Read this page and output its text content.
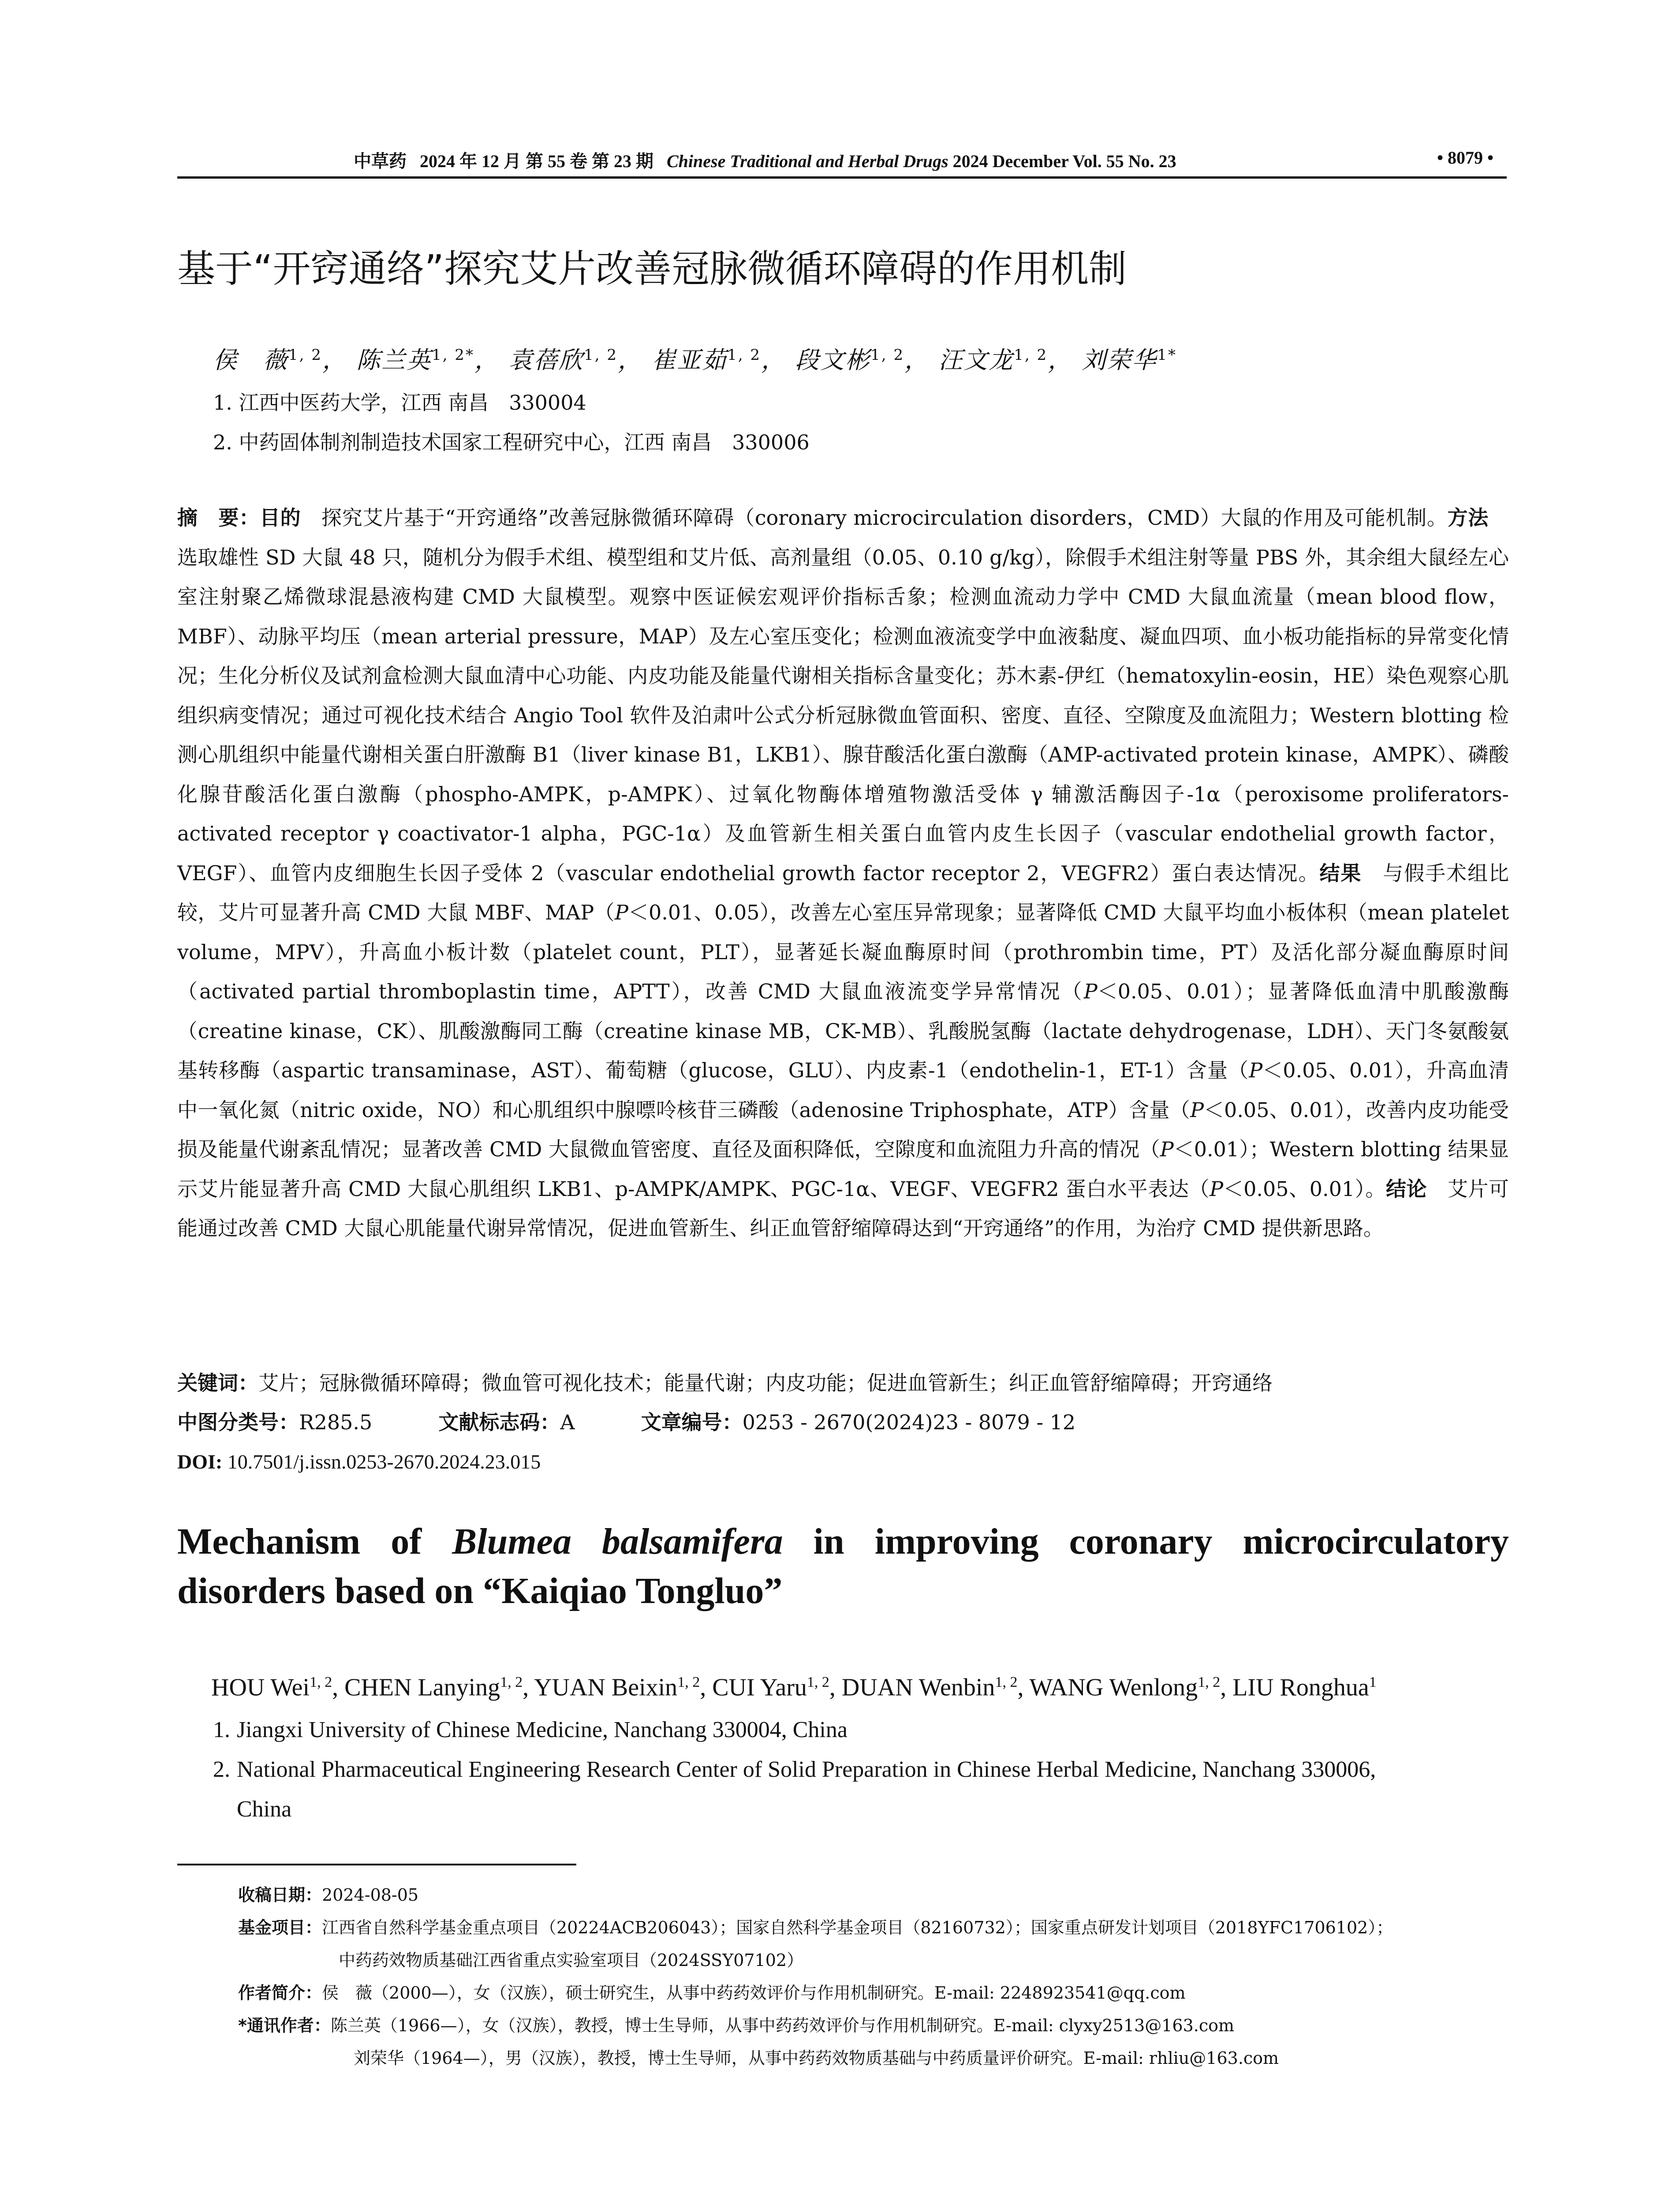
中草药 2024 年 12 月 第 55 卷 第 23 期 Chinese Traditional and Herbal Drugs 2024 December Vol. 55 No. 23	• 8079 •
基于“开窍通络”探究艾片改善冠脉微循环障碍的作用机制
侯　薇$^{1, 2}$， 陈兰英$^{1, 2*}$， 袁蓓欣$^{1, 2}$， 崔亚茹$^{1, 2}$， 段文彬$^{1, 2}$， 汪文龙$^{1, 2}$， 刘荣华$^{1*}$
1. 江西中医药大学，江西 南昌　330004
2. 中药固体制剂制造技术国家工程研究中心，江西 南昌　330006

摘　要：目的　探究艾片基于“开窍通络”改善冠脉微循环障碍（coronary microcirculation disorders，CMD）大鼠的作用及可能机制。方法　选取雄性 SD 大鼠 48 只，随机分为假手术组、模型组和艾片低、高剂量组（0.05、0.10 g/kg），除假手术组注射等量 PBS 外，其余组大鼠经左心室注射聚乙烯微球混悬液构建 CMD 大鼠模型。观察中医证候宏观评价指标舌象；检测血流动力学中 CMD 大鼠血流量（mean blood flow，MBF）、动脉平均压（mean arterial pressure，MAP）及左心室压变化；检测血液流变学中血液黏度、凝血四项、血小板功能指标的异常变化情况；生化分析仪及试剂盒检测大鼠血清中心功能、内皮功能及能量代谢相关指标含量变化；苏木素-伊红（hematoxylin-eosin，HE）染色观察心肌组织病变情况；通过可视化技术结合 Angio Tool 软件及泊肃叶公式分析冠脉微血管面积、密度、直径、空隙度及血流阻力；Western blotting 检测心肌组织中能量代谢相关蛋白肝激酶 B1（liver kinase B1，LKB1）、腺苷酸活化蛋白激酶（AMP-activated protein kinase，AMPK）、磷酸化腺苷酸活化蛋白激酶（phospho-AMPK，p-AMPK）、过氧化物酶体增殖物激活受体 γ 辅激活酶因子-1α（peroxisome proliferators-activated receptor γ coactivator-1 alpha，PGC-1α）及血管新生相关蛋白血管内皮生长因子（vascular endothelial growth factor，VEGF）、血管内皮细胞生长因子受体 2（vascular endothelial growth factor receptor 2，VEGFR2）蛋白表达情况。结果　与假手术组比较，艾片可显著升高 CMD 大鼠 MBF、MAP（P＜0.01、0.05），改善左心室压异常现象；显著降低 CMD 大鼠平均血小板体积（mean platelet volume，MPV），升高血小板计数（platelet count，PLT），显著延长凝血酶原时间（prothrombin time，PT）及活化部分凝血酶原时间（activated partial thromboplastin time，APTT），改善 CMD 大鼠血液流变学异常情况（P＜0.05、0.01）；显著降低血清中肌酸激酶（creatine kinase，CK）、肌酸激酶同工酶（creatine kinase MB，CK-MB）、乳酸脱氢酶（lactate dehydrogenase，LDH）、天门冬氨酸氨基转移酶（aspartic transaminase，AST）、葡萄糖（glucose，GLU）、内皮素-1（endothelin-1，ET-1）含量（P＜0.05、0.01），升高血清中一氧化氮（nitric oxide，NO）和心肌组织中腺嘌呤核苷三磷酸（adenosine Triphosphate，ATP）含量（P＜0.05、0.01），改善内皮功能受损及能量代谢紊乱情况；显著改善 CMD 大鼠微血管密度、直径及面积降低，空隙度和血流阻力升高的情况（P＜0.01）；Western blotting 结果显示艾片能显著升高 CMD 大鼠心肌组织 LKB1、p-AMPK/AMPK、PGC-1α、VEGF、VEGFR2 蛋白水平表达（P＜0.05、0.01）。结论　艾片可能通过改善 CMD 大鼠心肌能量代谢异常情况，促进血管新生、纠正血管舒缩障碍达到“开窍通络”的作用，为治疗 CMD 提供新思路。

关键词：艾片；冠脉微循环障碍；微血管可视化技术；能量代谢；内皮功能；促进血管新生；纠正血管舒缩障碍；开窍通络
中图分类号：R285.5	文献标志码：A	文章编号：0253 - 2670(2024)23 - 8079 - 12
DOI: 10.7501/j.issn.0253-2670.2024.23.015
Mechanism of Blumea balsamifera in improving coronary microcirculatory disorders based on “Kaiqiao Tongluo”
HOU Wei$^{1, 2}$, CHEN Lanying$^{1, 2}$, YUAN Beixin$^{1, 2}$, CUI Yaru$^{1, 2}$, DUAN Wenbin$^{1, 2}$, WANG Wenlong$^{1, 2}$, LIU Ronghua$^1$
1. Jiangxi University of Chinese Medicine, Nanchang 330004, China
2. National Pharmaceutical Engineering Research Center of Solid Preparation in Chinese Herbal Medicine, Nanchang 330006,
China
收稿日期：2024-08-05
基金项目：江西省自然科学基金重点项目（20224ACB206043）；国家自然科学基金项目（82160732）；国家重点研发计划项目（2018YFC1706102）；
中药药效物质基础江西省重点实验室项目（2024SSY07102）
作者简介：侯　薇（2000—），女（汉族），硕士研究生，从事中药药效评价与作用机制研究。E-mail: 2248923541@qq.com
*通讯作者：陈兰英（1966—），女（汉族），教授，博士生导师，从事中药药效评价与作用机制研究。E-mail: clyxy2513@163.com
刘荣华（1964—），男（汉族），教授，博士生导师，从事中药药效物质基础与中药质量评价研究。E-mail: rhliu@163.com
